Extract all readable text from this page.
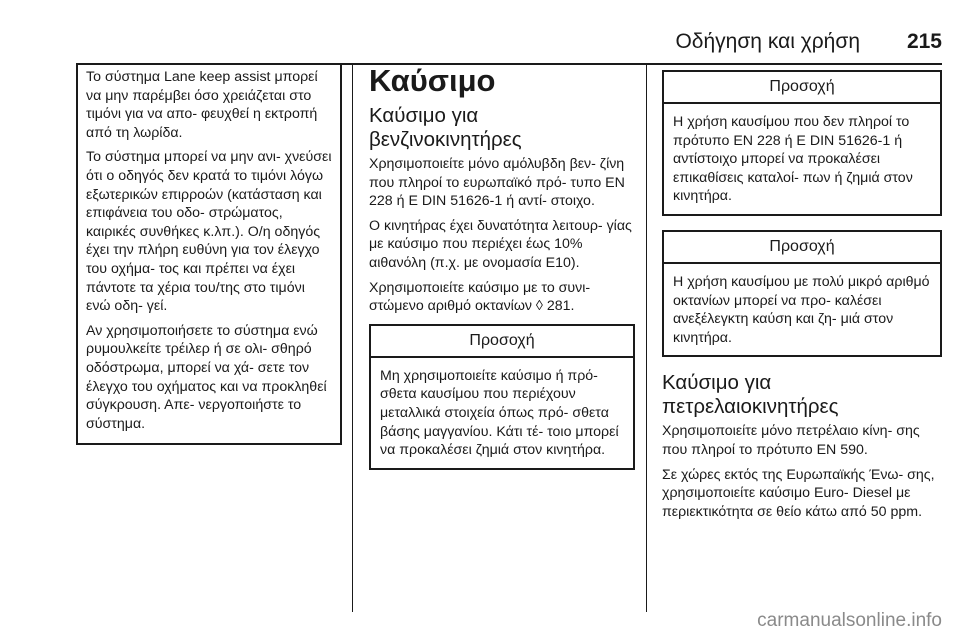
Οδήγηση και χρήση 215

Το σύστημα Lane keep assist μπορεί να μην παρέμβει όσο χρειάζεται στο τιμόνι για να απο- φευχθεί η εκτροπή από τη λωρίδα.

Το σύστημα μπορεί να μην ανι- χνεύσει ότι ο οδηγός δεν κρατά το τιμόνι λόγω εξωτερικών επιρροών (κατάσταση και επιφάνεια του οδο- στρώματος, καιρικές συνθήκες κ.λπ.). Ο/η οδηγός έχει την πλήρη ευθύνη για τον έλεγχο του οχήμα- τος και πρέπει να έχει πάντοτε τα χέρια του/της στο τιμόνι ενώ οδη- γεί.

Αν χρησιμοποιήσετε το σύστημα ενώ ρυμουλκείτε τρέιλερ ή σε ολι- σθηρό οδόστρωμα, μπορεί να χά- σετε τον έλεγχο του οχήματος και να προκληθεί σύγκρουση. Απε- νεργοποιήστε το σύστημα.

Καύσιμο
Καύσιμο για βενζινοκινητήρες

Χρησιμοποιείτε μόνο αμόλυβδη βεν- ζίνη που πληροί το ευρωπαϊκό πρό- τυπο EN 228 ή E DIN 51626-1 ή αντί- στοιχο.

Ο κινητήρας έχει δυνατότητα λειτουρ- γίας με καύσιμο που περιέχει έως 10% αιθανόλη (π.χ. με ονομασία E10).

Χρησιμοποιείτε καύσιμο με το συνι- στώμενο αριθμό οκτανίων ◊ 281.

Προσοχή

Μη χρησιμοποιείτε καύσιμο ή πρό- σθετα καυσίμου που περιέχουν μεταλλικά στοιχεία όπως πρό- σθετα βάσης μαγγανίου. Κάτι τέ- τοιο μπορεί να προκαλέσει ζημιά στον κινητήρα.

Προσοχή

Η χρήση καυσίμου που δεν πληροί το πρότυπο EN 228 ή E DIN 51626-1 ή αντίστοιχο μπορεί να προκαλέσει επικαθίσεις καταλοί- πων ή ζημιά στον κινητήρα.

Προσοχή

Η χρήση καυσίμου με πολύ μικρό αριθμό οκτανίων μπορεί να προ- καλέσει ανεξέλεγκτη καύση και ζη- μιά στον κινητήρα.

Καύσιμο για πετρελαιοκινητήρες

Χρησιμοποιείτε μόνο πετρέλαιο κίνη- σης που πληροί το πρότυπο EN 590.

Σε χώρες εκτός της Ευρωπαϊκής Ένω- σης, χρησιμοποιείτε καύσιμο Euro- Diesel με περιεκτικότητα σε θείο κάτω από 50 ppm.

carmanualsonline.info
